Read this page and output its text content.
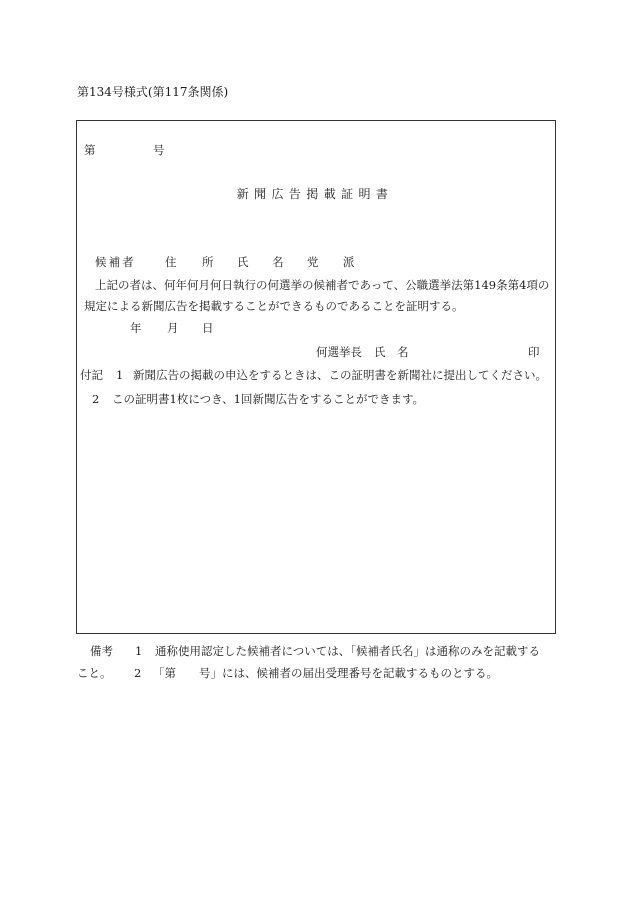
第134号様式(第117条関係)
第	号
新聞広告掲載証明書
候補者	住 所 氏 名 党 派
上記の者は、何年何月何日執行の何選挙の候補者であって、公職選挙法第149条第4項の
規定による新聞広告を掲載することができるものであることを証明する。
年 月 日
何選挙長 氏 名	印
付記 1 新聞広告の掲載の申込をするときは、この証明書を新聞社に提出してください。
2 この証明書1枚につき、1回新聞広告をすることができます。
備考 1 通称使用認定した候補者については、「候補者氏名」は通称のみを記載する
こと。 2 「第　　号」には、候補者の届出受理番号を記載するものとする。
